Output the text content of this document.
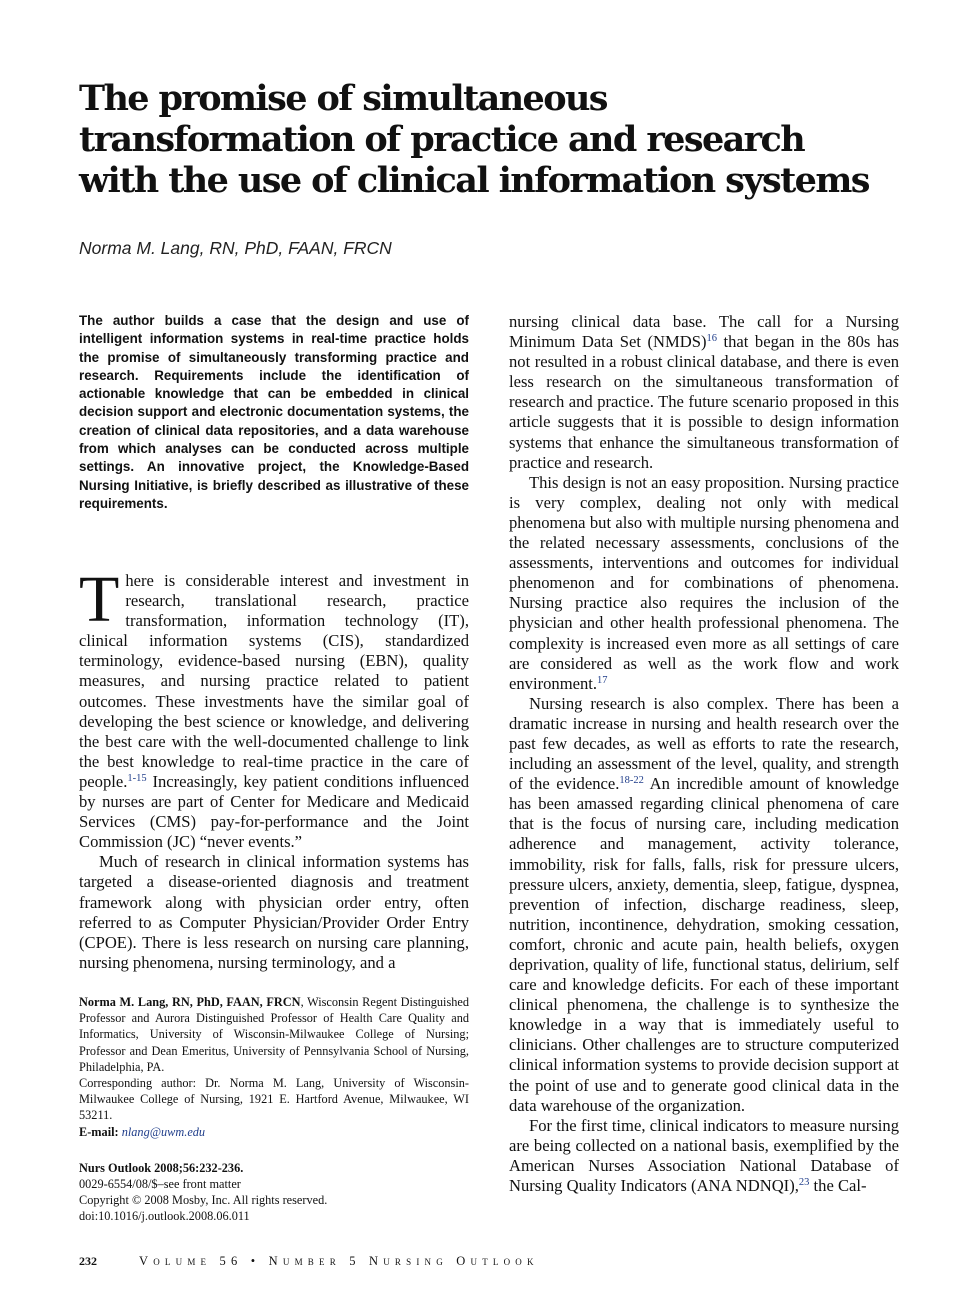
The promise of simultaneous transformation of practice and research with the use of clinical information systems

Norma M. Lang, RN, PhD, FAAN, FRCN

The author builds a case that the design and use of intelligent information systems in real-time practice holds the promise of simultaneously transforming practice and research. Requirements include the identification of actionable knowledge that can be embedded in clinical decision support and electronic documentation systems, the creation of clinical data repositories, and a data warehouse from which analyses can be conducted across multiple settings. An innovative project, the Knowledge-Based Nursing Initiative, is briefly described as illustrative of these requirements.

There is considerable interest and investment in research, translational research, practice transformation, information technology (IT), clinical information systems (CIS), standardized terminology, evidence-based nursing (EBN), quality measures, and nursing practice related to patient outcomes. These investments have the similar goal of developing the best science or knowledge, and delivering the best care with the well-documented challenge to link the best knowledge to real-time practice in the care of people.$^{1-15}$ Increasingly, key patient conditions influenced by nurses are part of Center for Medicare and Medicaid Services (CMS) pay-for-performance and the Joint Commission (JC) “never events.”

Much of research in clinical information systems has targeted a disease-oriented diagnosis and treatment framework along with physician order entry, often referred to as Computer Physician/Provider Order Entry (CPOE). There is less research on nursing care planning, nursing phenomena, nursing terminology, and a

nursing clinical data base. The call for a Nursing Minimum Data Set (NMDS)$^{16}$ that began in the 80s has not resulted in a robust clinical database, and there is even less research on the simultaneous transformation of research and practice. The future scenario proposed in this article suggests that it is possible to design information systems that enhance the simultaneous transformation of practice and research.

This design is not an easy proposition. Nursing practice is very complex, dealing not only with medical phenomena but also with multiple nursing phenomena and the related necessary assessments, conclusions of the assessments, interventions and outcomes for individual phenomenon and for combinations of phenomena. Nursing practice also requires the inclusion of the physician and other health professional phenomena. The complexity is increased even more as all settings of care are considered as well as the work flow and work environment.$^{17}$

Nursing research is also complex. There has been a dramatic increase in nursing and health research over the past few decades, as well as efforts to rate the research, including an assessment of the level, quality, and strength of the evidence.$^{18-22}$ An incredible amount of knowledge has been amassed regarding clinical phenomena of care that is the focus of nursing care, including medication adherence and management, activity tolerance, immobility, risk for falls, falls, risk for pressure ulcers, pressure ulcers, anxiety, dementia, sleep, fatigue, dyspnea, prevention of infection, discharge readiness, sleep, nutrition, incontinence, dehydration, smoking cessation, comfort, chronic and acute pain, health beliefs, oxygen deprivation, quality of life, functional status, delirium, self care and knowledge deficits. For each of these important clinical phenomena, the challenge is to synthesize the knowledge in a way that is immediately useful to clinicians. Other challenges are to structure computerized clinical information systems to provide decision support at the point of use and to generate good clinical data in the data warehouse of the organization.

For the first time, clinical indicators to measure nursing are being collected on a national basis, exemplified by the American Nurses Association National Database of Nursing Quality Indicators (ANA NDNQI),$^{23}$ the Cal-

Norma M. Lang, RN, PhD, FAAN, FRCN, Wisconsin Regent Distinguished Professor and Aurora Distinguished Professor of Health Care Quality and Informatics, University of Wisconsin-Milwaukee College of Nursing; Professor and Dean Emeritus, University of Pennsylvania School of Nursing, Philadelphia, PA.

Corresponding author: Dr. Norma M. Lang, University of Wisconsin-Milwaukee College of Nursing, 1921 E. Hartford Avenue, Milwaukee, WI 53211.

E-mail: nlang@uwm.edu

Nurs Outlook 2008;56:232-236.

0029-6554/08/$–see front matter

Copyright © 2008 Mosby, Inc. All rights reserved.

doi:10.1016/j.outlook.2008.06.011

232	Volume 56 • Number 5 Nursing Outlook
